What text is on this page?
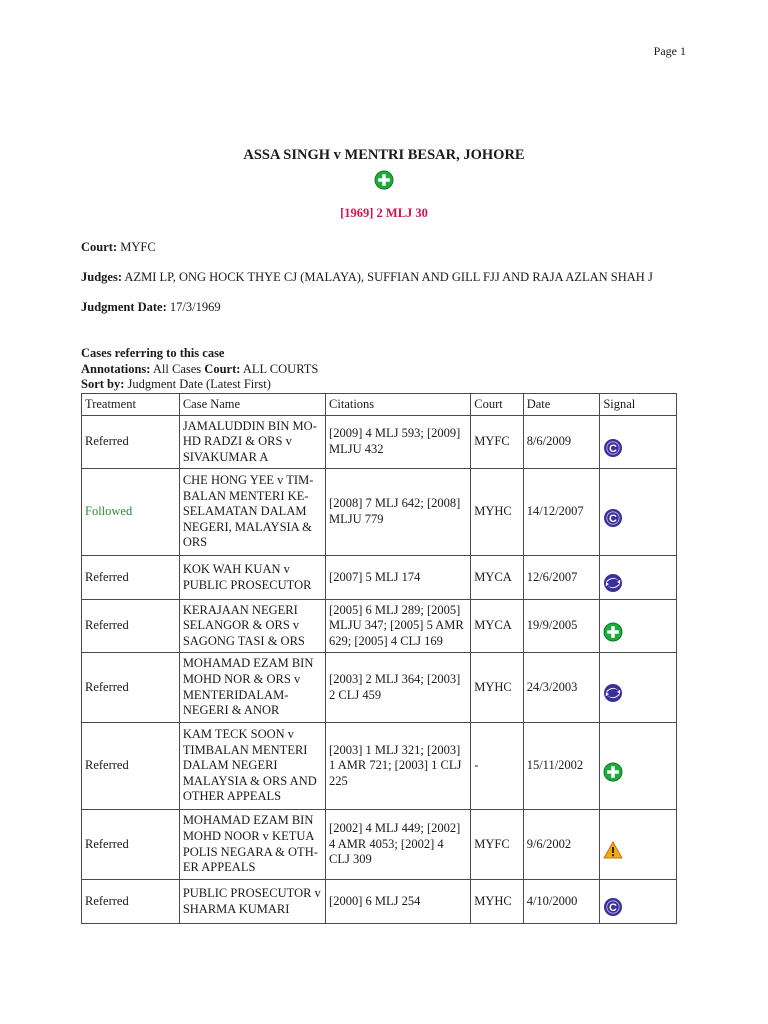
Page 1
ASSA SINGH v MENTRI BESAR, JOHORE
[1969] 2 MLJ 30
Court: MYFC
Judges: AZMI LP, ONG HOCK THYE CJ (MALAYA), SUFFIAN AND GILL FJJ AND RAJA AZLAN SHAH J
Judgment Date: 17/3/1969
Cases referring to this case
Annotations: All Cases Court: ALL COURTS
Sort by: Judgment Date (Latest First)
Treatment	Case Name	Citations	Court	Date	Signal
Referred	JAMALUDDIN BIN MO-HD RADZI & ORS v SIVAKUMAR A	[2009] 4 MLJ 593; [2009] MLJU 432	MYFC	8/6/2009	C

Followed	CHE HONG YEE v TIM-BALAN MENTERI KE-SELAMATAN DALAM NEGERI, MALAYSIA & ORS	[2008] 7 MLJ 642; [2008] MLJU 779	MYHC	14/12/2007	C

Referred	KOK WAH KUAN v PUBLIC PROSECUTOR	[2007] 5 MLJ 174	MYCA	12/6/2007	

Referred	KERAJAAN NEGERI SELANGOR & ORS v SAGONG TASI & ORS	[2005] 6 MLJ 289; [2005] MLJU 347; [2005] 5 AMR 629; [2005] 4 CLJ 169	MYCA	19/9/2005	

Referred	MOHAMAD EZAM BIN MOHD NOR & ORS v MENTERIDALAM-NEGERI & ANOR	[2003] 2 MLJ 364; [2003] 2 CLJ 459	MYHC	24/3/2003	

Referred	KAM TECK SOON v TIMBALAN MENTERI DALAM NEGERI MALAYSIA & ORS AND OTHER APPEALS	[2003] 1 MLJ 321; [2003] 1 AMR 721; [2003] 1 CLJ 225	-	15/11/2002	

Referred	MOHAMAD EZAM BIN MOHD NOOR v KETUA POLIS NEGARA & OTH-ER APPEALS	[2002] 4 MLJ 449; [2002] 4 AMR 4053; [2002] 4 CLJ 309	MYFC	9/6/2002	

Referred	PUBLIC PROSECUTOR v SHARMA KUMARI	[2000] 6 MLJ 254	MYHC	4/10/2000	C
